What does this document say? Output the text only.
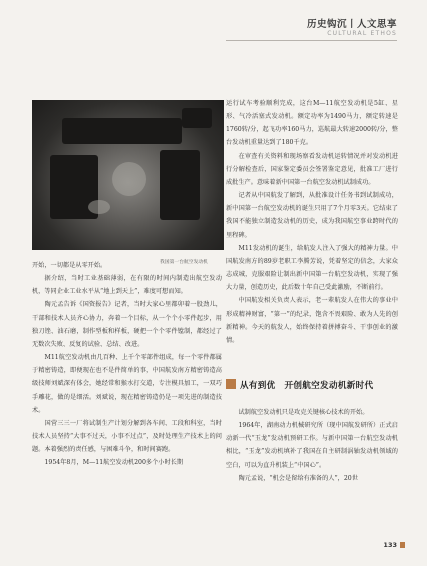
历史钩沉丨人文思享
CULTURAL ETHOS
我国第一台航空发动机

开始，一切都是从零开始。

据介绍，当时工业基础薄弱，在有限的时间内制造出航空发动机，等同企业工业水平从“地上到天上”，难度可想而知。

陶元孟告诉《国资报告》记者，当时大家心里都卯着一股劲儿，干部和技术人员齐心协力，奔着一个目标，从一个个小零件起步，用独刀锉、油石磨，制作型板和样板，硬把一个个零件镗制，都经过了无数次失败、反复的试验、总结、改进。

M11航空发动机由几百种、上千个零部件组成，每一个零件都属于精密铸造，即便现在也不是件简单的事，中国航发南方精密铸造高级技师刘斌深有体会，她经常和猴水打交道，专注模具加工，一双巧手雕花，做的是细活。刘斌说，现在精密铸造仍是一项先进的制造技术。

国营三三一厂将试制生产计划分解到各车间、工段和科室，当时技术人员坚持“大事不过天，小事不过点”，及时处理生产技术上的问题。本着强烈的责任感，与困难斗争，和时间赛跑。

1954年8月，M—11航空发动机200多个小时长期

运行试车考验顺利完成，这台M—11航空发动机是5缸、星形、气冷活塞式发动机。额定功率为1490马力，额定转速是1760转/分，起飞功率160马力，巡航最大转速2000转/分，整台发动机重量达到了180千克。

在审查有关资料和现场察看发动机运转情况并对发动机进行分解检查后，国家鉴定委员会签署鉴定意见，批准工厂进行成批生产。意味着新中国第一台航空发动机试制成功。

记者从中国航发了解到，从批准设计任务书到试制成功，新中国第一台航空发动机的诞生只用了7个月零3天。它结束了我国不能独立制造发动机的历史，成为我国航空事业跨时代的里程碑。

M11发动机的诞生，给航发人注入了强大的精神力量。中国航发南方的89岁老职工李腾芳说，凭着坚定的信念，大家众志成城，克服艰险让制出新中国第一台航空发动机，实现了强大力量，创造历史，此后数十年自己受此激励，不断前行。

中国航发相关负责人表示，老一辈航发人在伟大的事业中形成精神财富，“第一”的纪录，饱含不畏艰险、敢为人先的创新精神。今天的航发人，始终保持着拼搏奋斗、干事创业的激情。

从有到优　开创航空发动机新时代

试制航空发动机只是攻克关键核心技术的开始。

1964年，湖南动力机械研究所（现中国航发研所）正式启动新一代“玉龙”发动机预研工作。与新中国第一台航空发动机相比，“玉龙”发动机填补了我国在自主研制涡轴发动机领域的空白，可以为直升机装上“中国心”。

陶元孟说，“机会是留给有准备的人”，20世

133
